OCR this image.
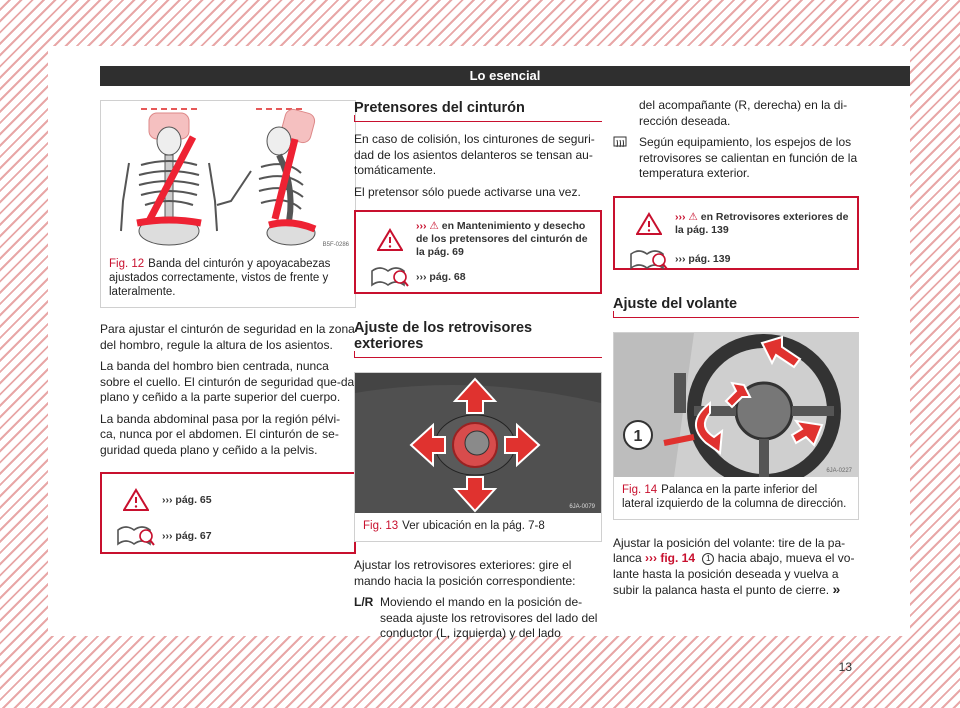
Lo esencial
B5F-0286
Fig. 12 Banda del cinturón y apoyacabezas ajustados correctamente, vistos de frente y lateralmente.

Para ajustar el cinturón de seguridad en la zona del hombro, regule la altura de los asientos.

La banda del hombro bien centrada, nunca sobre el cuello. El cinturón de seguridad que-da plano y ceñido a la parte superior del cuerpo.

La banda abdominal pasa por la región pélvi-ca, nunca por el abdomen. El cinturón de se-guridad queda plano y ceñido a la pelvis.

››› pág. 65
››› pág. 67
Pretensores del cinturón

En caso de colisión, los cinturones de seguri-dad de los asientos delanteros se tensan au-tomáticamente.

El pretensor sólo puede activarse una vez.

››› ⚠ en Mantenimiento y desecho de los pretensores del cinturón de la pág. 69
››› pág. 68
Ajuste de los retrovisores exteriores
6JA-0079
Fig. 13 Ver ubicación en la pág. 7-8

Ajustar los retrovisores exteriores: gire el mando hacia la posición correspondiente:

L/R Moviendo el mando en la posición de-seada ajuste los retrovisores del lado del conductor (L, izquierda) y del lado

del acompañante (R, derecha) en la di-rección deseada.

Según equipamiento, los espejos de los retrovisores se calientan en función de la temperatura exterior.
››› ⚠ en Retrovisores exteriores de la pág. 139
››› pág. 139
Ajuste del volante
1
6JA-0227
Fig. 14 Palanca en la parte inferior del lateral izquierdo de la columna de dirección.

Ajustar la posición del volante: tire de la pa-lanca ››› fig. 14 1 hacia abajo, mueva el vo-lante hasta la posición deseada y vuelva a subir la palanca hasta el punto de cierre. »

13
